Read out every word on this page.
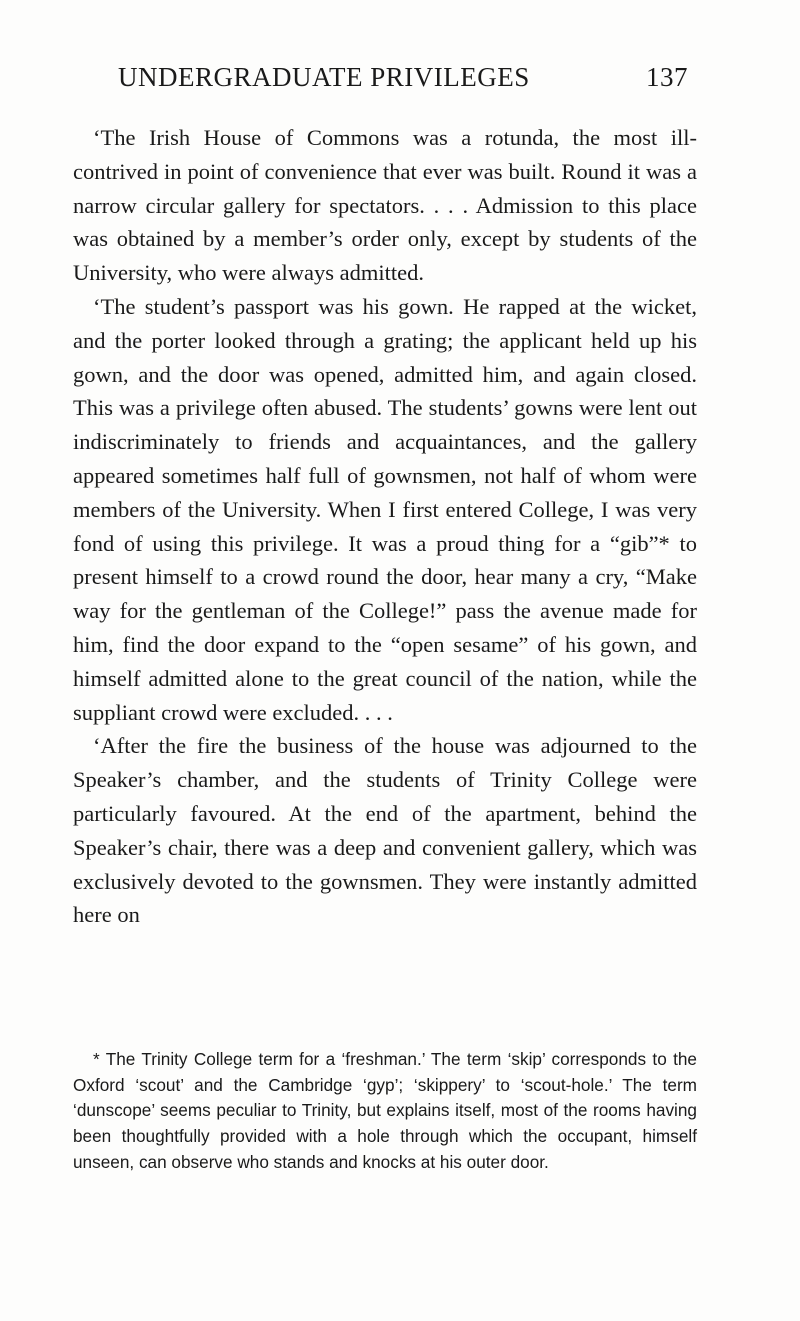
UNDERGRADUATE PRIVILEGES	137

‘The Irish House of Commons was a rotunda, the most ill-contrived in point of convenience that ever was built. Round it was a narrow circular gallery for spectators. . . . Admission to this place was obtained by a member’s order only, except by students of the University, who were always admitted.

‘The student’s passport was his gown. He rapped at the wicket, and the porter looked through a grating; the applicant held up his gown, and the door was opened, admitted him, and again closed. This was a privilege often abused. The students’ gowns were lent out indiscriminately to friends and acquaintances, and the gallery appeared sometimes half full of gownsmen, not half of whom were members of the University. When I first entered College, I was very fond of using this privilege. It was a proud thing for a “gib”* to present himself to a crowd round the door, hear many a cry, “Make way for the gentleman of the College!” pass the avenue made for him, find the door expand to the “open sesame” of his gown, and himself admitted alone to the great council of the nation, while the suppliant crowd were excluded. . . .

‘After the fire the business of the house was adjourned to the Speaker’s chamber, and the students of Trinity College were particularly favoured. At the end of the apartment, behind the Speaker’s chair, there was a deep and convenient gallery, which was exclusively devoted to the gownsmen. They were instantly admitted here on

* The Trinity College term for a ‘freshman.’ The term ‘skip’ corresponds to the Oxford ‘scout’ and the Cambridge ‘gyp’; ‘skippery’ to ‘scout-hole.’ The term ‘dunscope’ seems peculiar to Trinity, but explains itself, most of the rooms having been thoughtfully provided with a hole through which the occupant, himself unseen, can observe who stands and knocks at his outer door.
